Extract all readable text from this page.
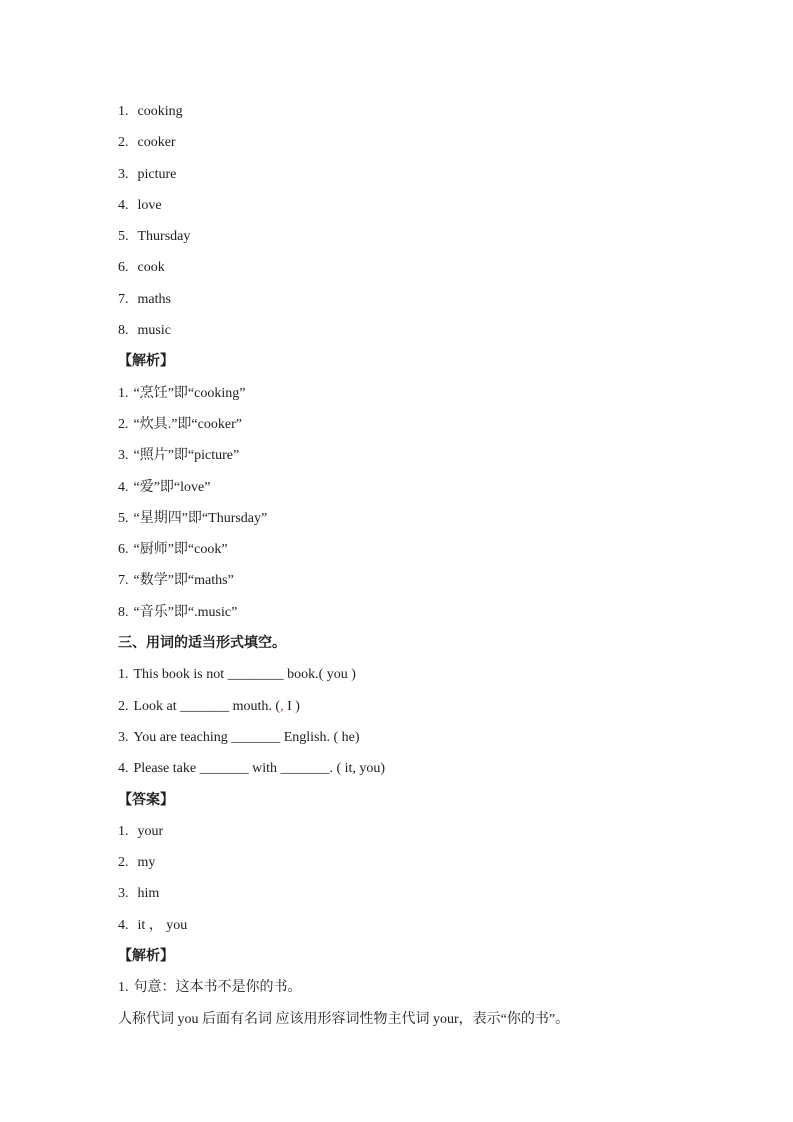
1. cooking

2. cooker

3. picture

4. love

5. Thursday

6. cook

7. maths

8. music

【解析】

1. “烹饪”即“cooking”

2. “炊具.”即“cooker”

3. “照片”即“picture”

4. “爱”即“love”

5. “星期四”即“Thursday”

6. “厨师”即“cook”

7. “数学”即“maths”

8. “音乐”即“.music”

三、用词的适当形式填空。

1. This book is not ________ book.( you )

2. Look at _______ mouth. (, I )

3. You are teaching _______ English. ( he)

4. Please take _______ with _______. ( it, you)

【答案】

1. your

2. my

3. him

4. it ， you

【解析】

1. 句意：这本书不是你的书。

人称代词 you 后面有名词 应该用形容词性物主代词 your，表示“你的书”。
